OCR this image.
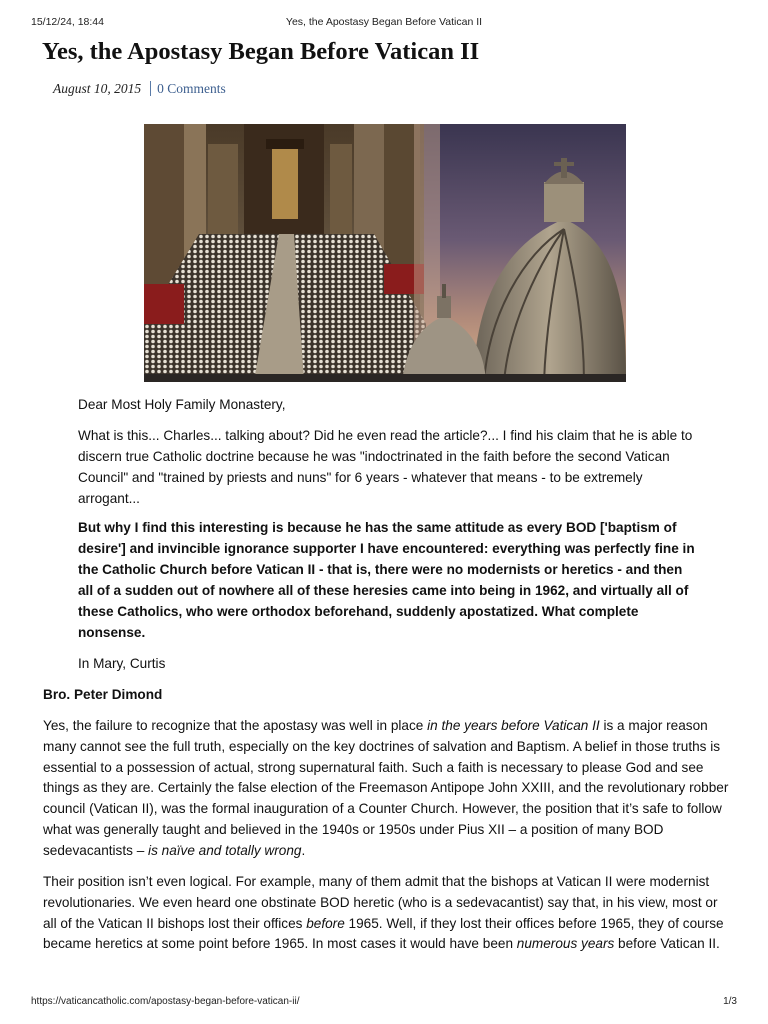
15/12/24, 18:44	Yes, the Apostasy Began Before Vatican II
Yes, the Apostasy Began Before Vatican II
August 10, 2015 0 Comments

Dear Most Holy Family Monastery,

What is this... Charles... talking about? Did he even read the article?... I find his claim that he is able to discern true Catholic doctrine because he was "indoctrinated in the faith before the second Vatican Council" and "trained by priests and nuns" for 6 years - whatever that means - to be extremely arrogant...

But why I find this interesting is because he has the same attitude as every BOD ['baptism of desire'] and invincible ignorance supporter I have encountered: everything was perfectly fine in the Catholic Church before Vatican II - that is, there were no modernists or heretics - and then all of a sudden out of nowhere all of these heresies came into being in 1962, and virtually all of these Catholics, who were orthodox beforehand, suddenly apostatized. What complete nonsense.

In Mary, Curtis

Bro. Peter Dimond

Yes, the failure to recognize that the apostasy was well in place in the years before Vatican II is a major reason many cannot see the full truth, especially on the key doctrines of salvation and Baptism. A belief in those truths is essential to a possession of actual, strong supernatural faith. Such a faith is necessary to please God and see things as they are. Certainly the false election of the Freemason Antipope John XXIII, and the revolutionary robber council (Vatican II), was the formal inauguration of a Counter Church. However, the position that it’s safe to follow what was generally taught and believed in the 1940s or 1950s under Pius XII – a position of many BOD sedevacantists – is naïve and totally wrong.

Their position isn’t even logical. For example, many of them admit that the bishops at Vatican II were modernist revolutionaries. We even heard one obstinate BOD heretic (who is a sedevacantist) say that, in his view, most or all of the Vatican II bishops lost their offices before 1965. Well, if they lost their offices before 1965, they of course became heretics at some point before 1965. In most cases it would have been numerous years before Vatican II.

https://vaticancatholic.com/apostasy-began-before-vatican-ii/	1/3
